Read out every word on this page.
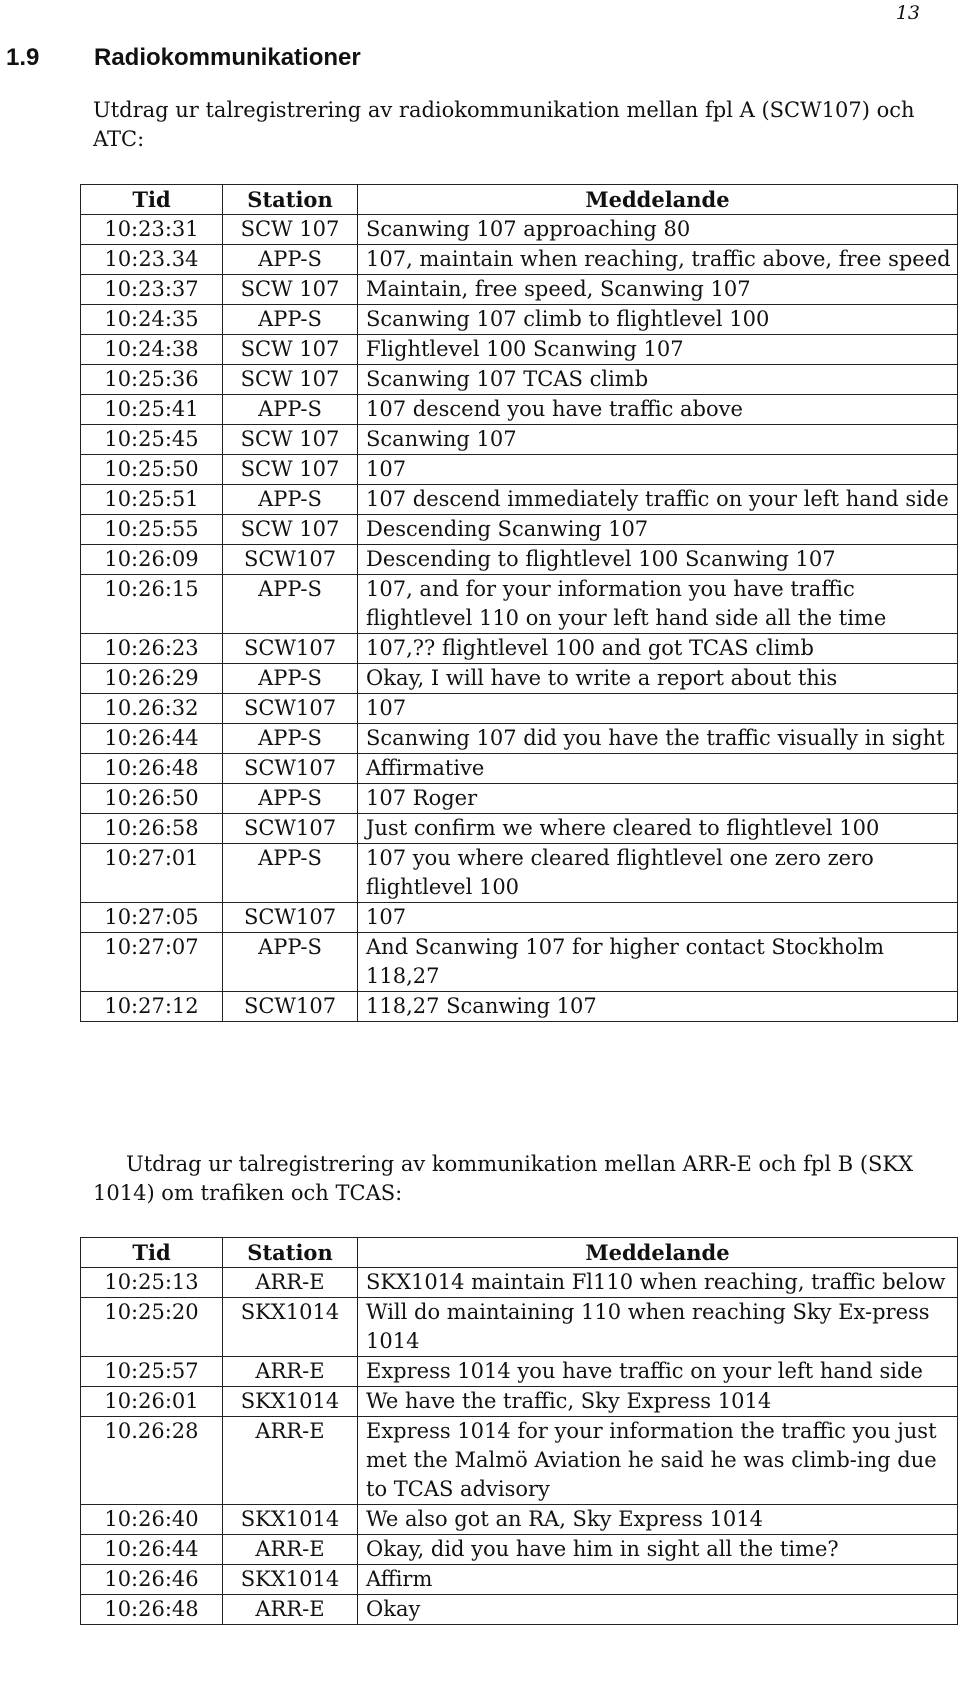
13
1.9 Radiokommunikationer
Utdrag ur talregistrering av radiokommunikation mellan fpl A (SCW107) och ATC:
Tid	Station	Meddelande
10:23:31	SCW 107	Scanwing 107 approaching 80
10:23.34	APP-S	107, maintain when reaching, traffic above, free speed
10:23:37	SCW 107	Maintain, free speed, Scanwing 107
10:24:35	APP-S	Scanwing 107 climb to flightlevel 100
10:24:38	SCW 107	Flightlevel 100 Scanwing 107
10:25:36	SCW 107	Scanwing 107 TCAS climb
10:25:41	APP-S	107 descend you have traffic above
10:25:45	SCW 107	Scanwing 107
10:25:50	SCW 107	107
10:25:51	APP-S	107 descend immediately traffic on your left hand side
10:25:55	SCW 107	Descending Scanwing 107
10:26:09	SCW107	Descending to flightlevel 100 Scanwing 107
10:26:15	APP-S	107, and for your information you have traffic flightlevel 110 on your left hand side all the time
10:26:23	SCW107	107,?? flightlevel 100 and got TCAS climb
10:26:29	APP-S	Okay, I will have to write a report about this
10.26:32	SCW107	107
10:26:44	APP-S	Scanwing 107 did you have the traffic visually in sight
10:26:48	SCW107	Affirmative
10:26:50	APP-S	107 Roger
10:26:58	SCW107	Just confirm we where cleared to flightlevel 100
10:27:01	APP-S	107 you where cleared flightlevel one zero zero flightlevel 100
10:27:05	SCW107	107
10:27:07	APP-S	And Scanwing 107 for higher contact Stockholm 118,27
10:27:12	SCW107	118,27 Scanwing 107
Utdrag ur talregistrering av kommunikation mellan ARR-E och fpl B (SKX 1014) om trafiken och TCAS:
Tid	Station	Meddelande
10:25:13	ARR-E	SKX1014 maintain Fl110 when reaching, traffic below
10:25:20	SKX1014	Will do maintaining 110 when reaching Sky Ex-press 1014
10:25:57	ARR-E	Express 1014 you have traffic on your left hand side
10:26:01	SKX1014	We have the traffic, Sky Express 1014
10.26:28	ARR-E	Express 1014 for your information the traffic you just met the Malmö Aviation he said he was climb-ing due to TCAS advisory
10:26:40	SKX1014	We also got an RA, Sky Express 1014
10:26:44	ARR-E	Okay, did you have him in sight all the time?
10:26:46	SKX1014	Affirm
10:26:48	ARR-E	Okay
